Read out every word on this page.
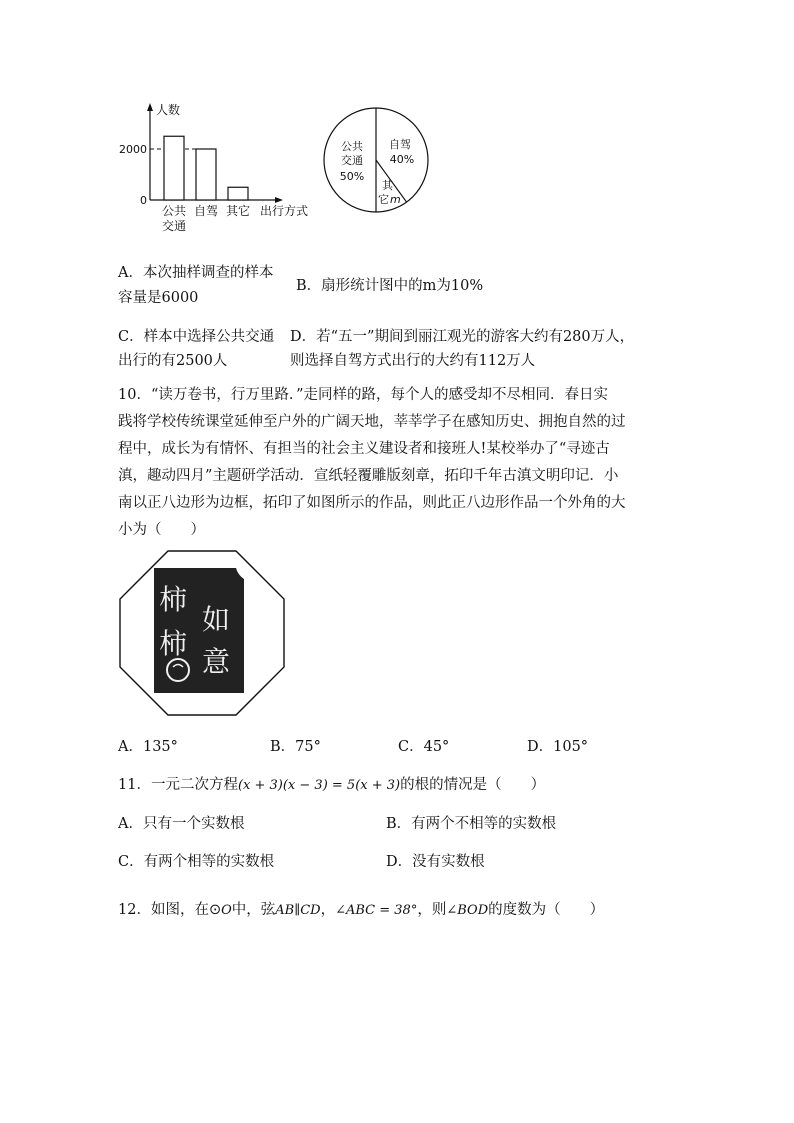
人数
2000
0
公共
交通
自驾 其它 出行方式
公共
交通
50%
自驾
40%
其
它 m
A．本次抽样调查的样本
容量是6000
B．扇形统计图中的m为10%
C．样本中选择公共交通
出行的有2500人
D．若“五一”期间到丽江观光的游客大约有280万人，
则选择自驾方式出行的大约有112万人
10．“读万卷书，行万里路．”走同样的路，每个人的感受却不尽相同．春日实
践将学校传统课堂延伸至户外的广阔天地，莘莘学子在感知历史、拥抱自然的过
程中，成长为有情怀、有担当的社会主义建设者和接班人!某校举办了“寻迹古
滇，趣动四月”主题研学活动．宣纸轻覆雕版刻章，拓印千年古滇文明印记．小
南以正八边形为边框，拓印了如图所示的作品，则此正八边形作品一个外角的大
小为（　　）
柿
柿
如
意
A．135°	B．75°	C．45°	D．105°
11．一元二次方程(x + 3)(x − 3) = 5(x + 3)的根的情况是（　　）
A．只有一个实数根	B．有两个不相等的实数根
C．有两个相等的实数根	D．没有实数根
12．如图，在⊙O中，弦AB∥CD，∠ABC = 38°，则∠BOD的度数为（　　）
